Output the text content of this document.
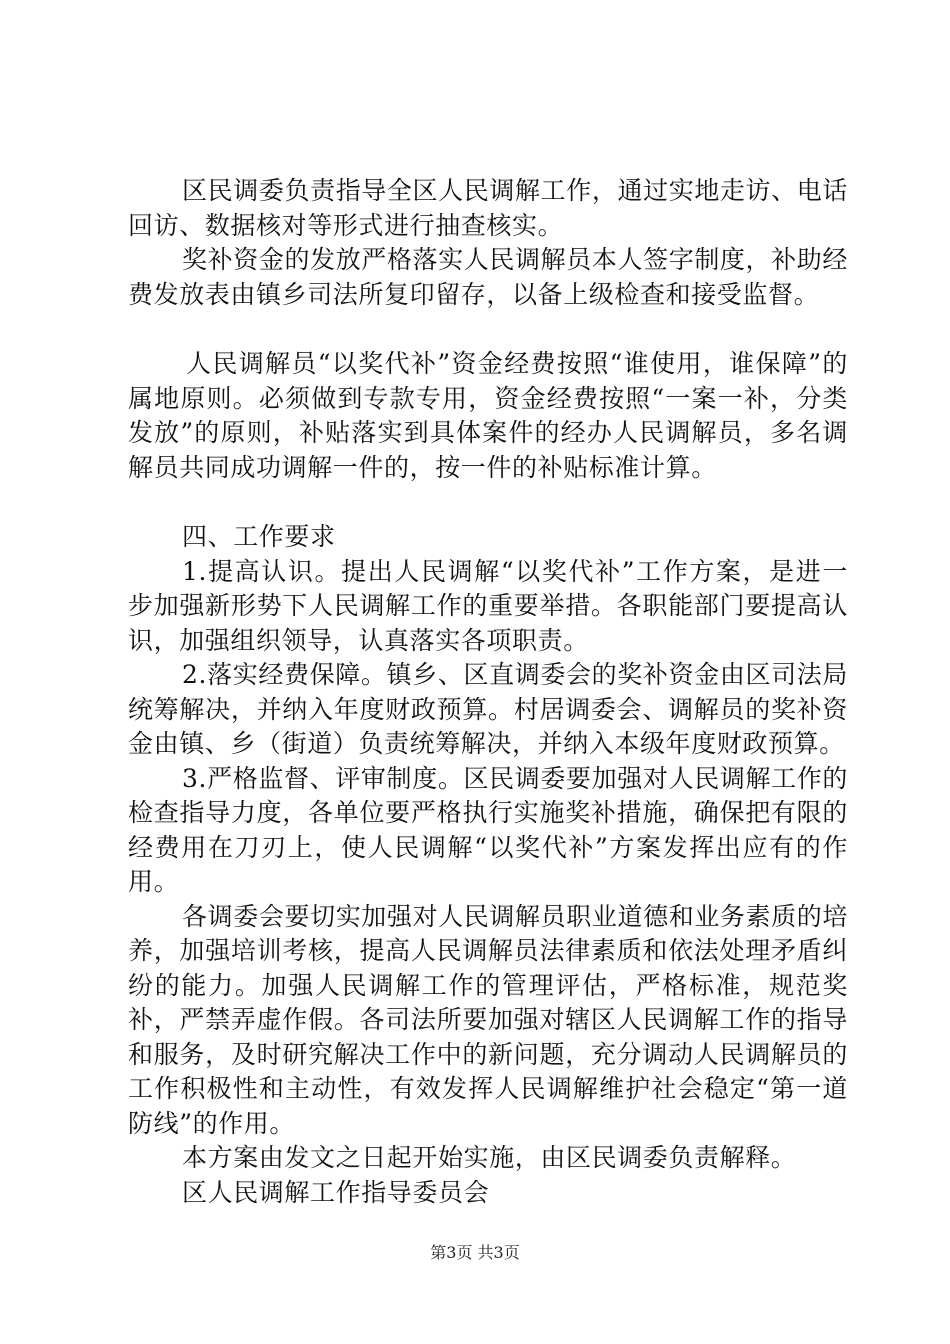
区民调委负责指导全区人民调解工作，通过实地走访、电话回访、数据核对等形式进行抽查核实。

奖补资金的发放严格落实人民调解员本人签字制度，补助经费发放表由镇乡司法所复印留存，以备上级检查和接受监督。

人民调解员“以奖代补”资金经费按照“谁使用，谁保障”的属地原则。必须做到专款专用，资金经费按照“一案一补，分类发放”的原则，补贴落实到具体案件的经办人民调解员，多名调解员共同成功调解一件的，按一件的补贴标准计算。

四、工作要求

1.提高认识。提出人民调解“以奖代补”工作方案，是进一步加强新形势下人民调解工作的重要举措。各职能部门要提高认识，加强组织领导，认真落实各项职责。

2.落实经费保障。镇乡、区直调委会的奖补资金由区司法局统筹解决，并纳入年度财政预算。村居调委会、调解员的奖补资金由镇、乡（街道）负责统筹解决，并纳入本级年度财政预算。

3.严格监督、评审制度。区民调委要加强对人民调解工作的检查指导力度，各单位要严格执行实施奖补措施，确保把有限的经费用在刀刃上，使人民调解“以奖代补”方案发挥出应有的作用。

各调委会要切实加强对人民调解员职业道德和业务素质的培养，加强培训考核，提高人民调解员法律素质和依法处理矛盾纠纷的能力。加强人民调解工作的管理评估，严格标准，规范奖补，严禁弄虚作假。各司法所要加强对辖区人民调解工作的指导和服务，及时研究解决工作中的新问题，充分调动人民调解员的工作积极性和主动性，有效发挥人民调解维护社会稳定“第一道防线”的作用。

本方案由发文之日起开始实施，由区民调委负责解释。

区人民调解工作指导委员会

第3页 共3页
